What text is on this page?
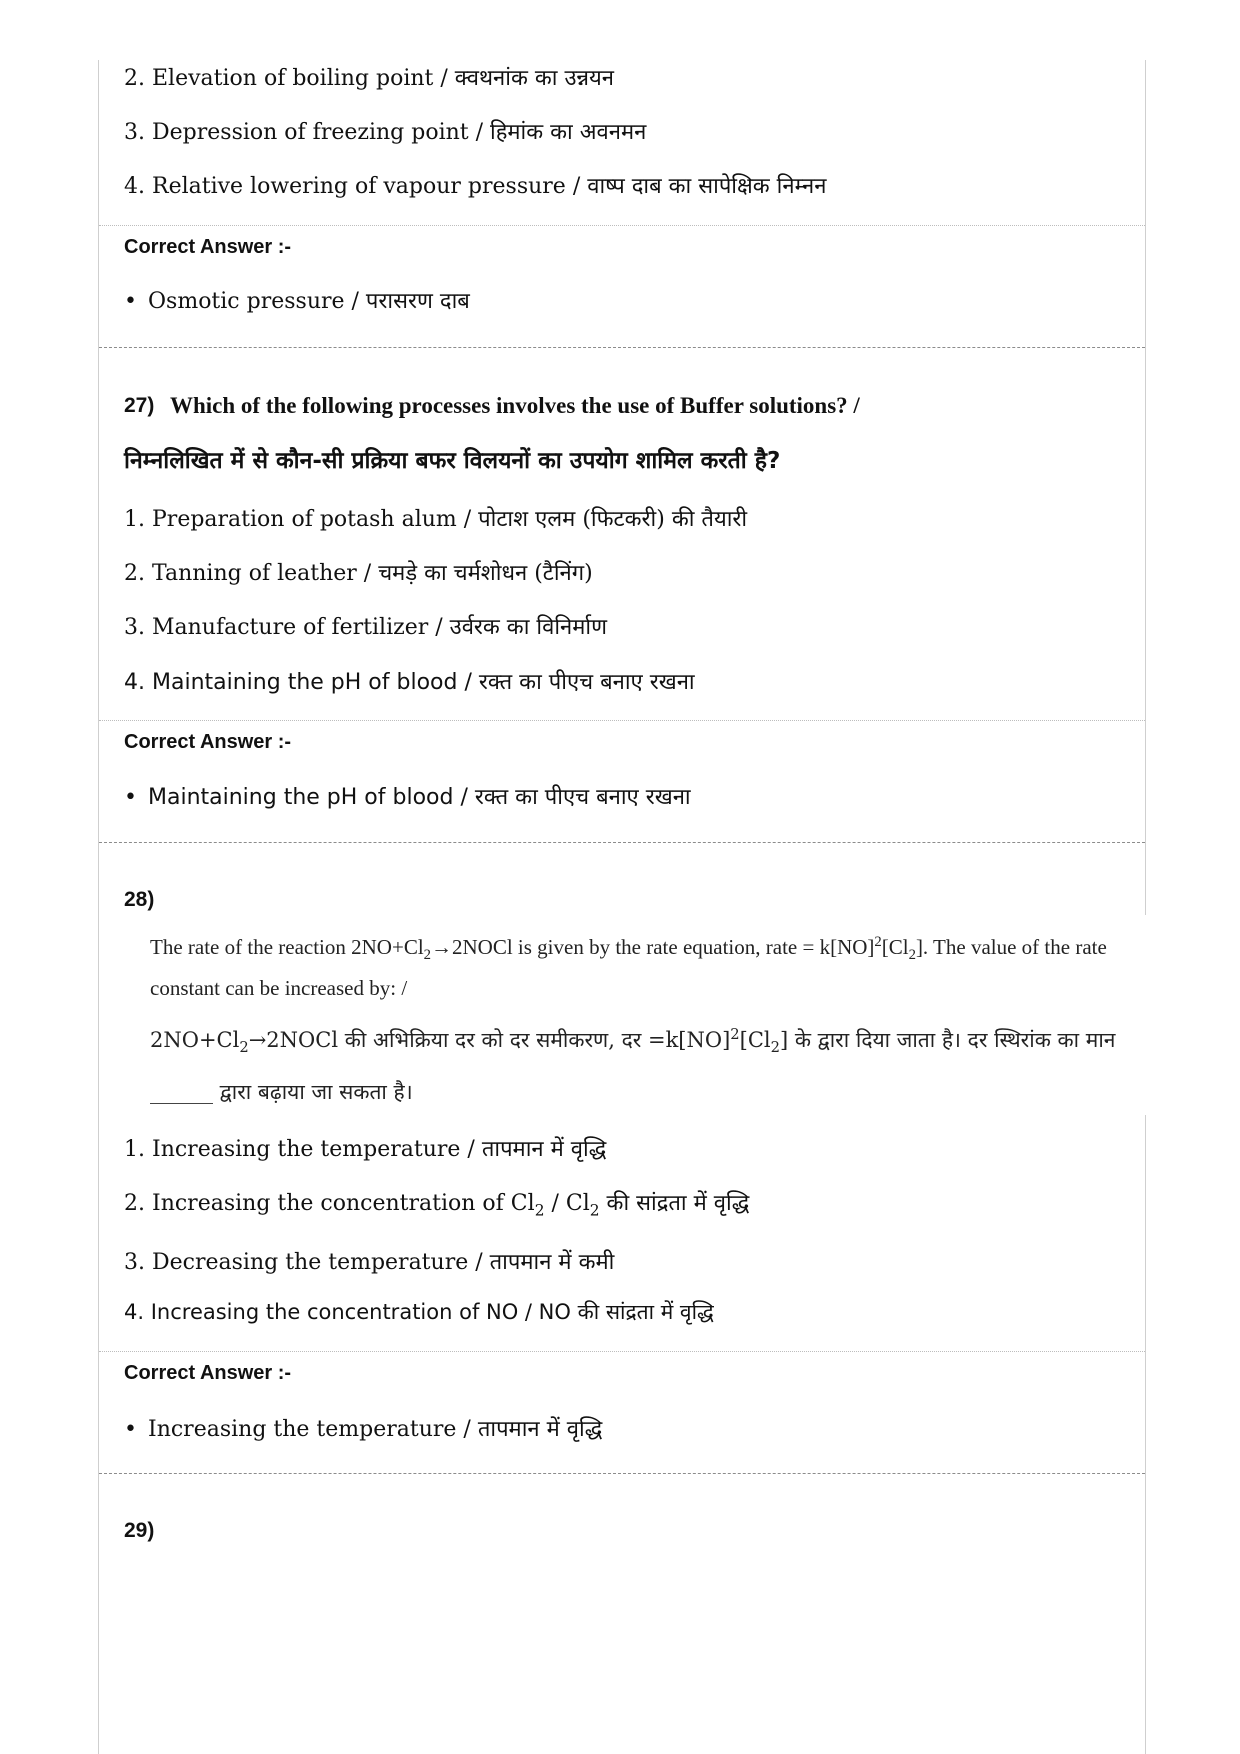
2. Elevation of boiling point / क्वथनांक का उन्नयन
3. Depression of freezing point / हिमांक का अवनमन
4. Relative lowering of vapour pressure / वाष्प दाब का सापेक्षिक निम्नन
Correct Answer :-
• Osmotic pressure / परासरण दाब
27) Which of the following processes involves the use of Buffer solutions? /
निम्नलिखित में से कौन-सी प्रक्रिया बफर विलयनों का उपयोग शामिल करती है?
1. Preparation of potash alum / पोटाश एलम (फिटकरी) की तैयारी
2. Tanning of leather / चमड़े का चर्मशोधन (टैनिंग)
3. Manufacture of fertilizer / उर्वरक का विनिर्माण
4. Maintaining the pH of blood / रक्त का पीएच बनाए रखना
Correct Answer :-
• Maintaining the pH of blood / रक्त का पीएच बनाए रखना
28)

The rate of the reaction $2NO+Cl_2\to 2NOCl$ is given by the rate equation, rate = $k[NO]^2[Cl_2]$. The value of the rate constant can be increased by: /

$2NO+Cl_2\to 2NOCl$ की अभिक्रिया दर को दर समीकरण, दर $=k[NO]^2[Cl_2]$ के द्वारा दिया जाता है। दर स्थिरांक का मान ______ द्वारा बढ़ाया जा सकता है।

1. Increasing the temperature / तापमान में वृद्धि
2. Increasing the concentration of $Cl_2 / Cl_2$ की सांद्रता में वृद्धि
3. Decreasing the temperature / तापमान में कमी
4. Increasing the concentration of NO / NO की सांद्रता में वृद्धि
Correct Answer :-
• Increasing the temperature / तापमान में वृद्धि
29)
